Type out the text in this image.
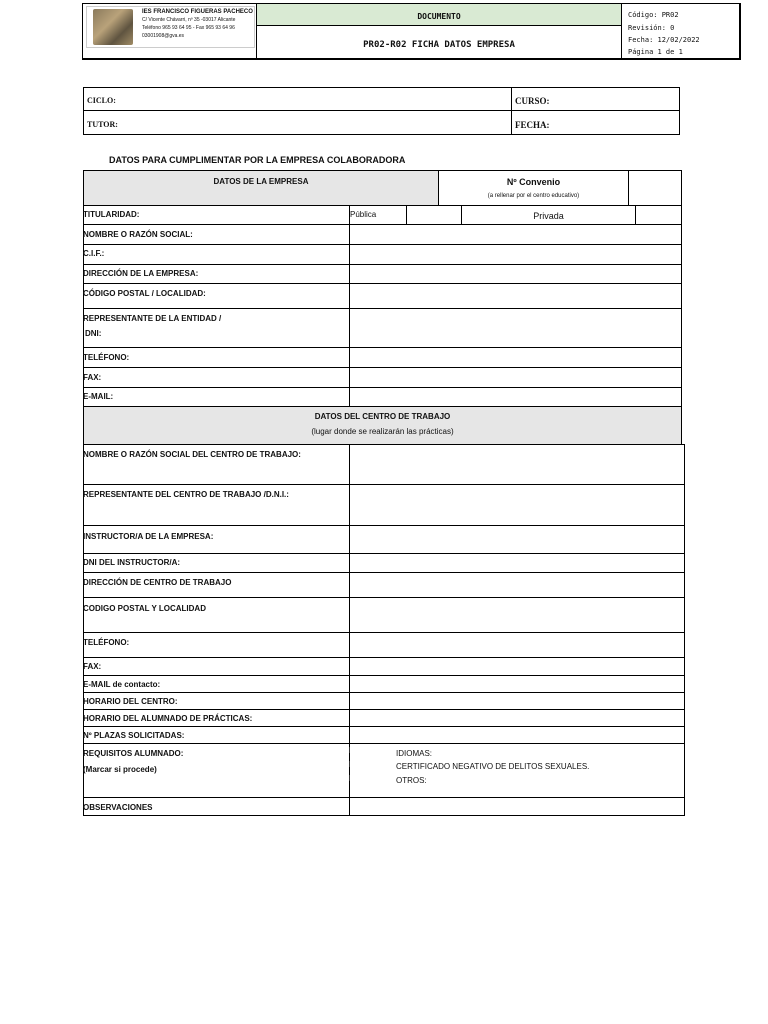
DOCUMENTO
PR02-R02 FICHA DATOS EMPRESA
IES FRANCISCO FIGUERAS PACHECO
C/ Vicente Chávarri, nº 35 -03017 Alicante
Teléfono 965 93 64 95 - Fax 965 93 64 96
03001908@gva.es
Código: PR02
Revisión: 0
Fecha: 12/02/2022
Página 1 de 1
CICLO:	CURSO:
TUTOR:	FECHA:
DATOS PARA CUMPLIMENTAR POR LA EMPRESA COLABORADORA
DATOS DE LA EMPRESA	Nº Convenio
(a rellenar por el centro educativo)
TITULARIDAD:	Pública	Privada
NOMBRE O RAZÓN SOCIAL:
C.I.F.:
DIRECCIÓN DE LA EMPRESA:
CÓDIGO POSTAL / LOCALIDAD:
REPRESENTANTE DE LA ENTIDAD /
DNI:
TELÉFONO:
FAX:
E-MAIL:
DATOS DEL CENTRO DE TRABAJO
(lugar donde se realizarán las prácticas)
NOMBRE O RAZÓN SOCIAL DEL CENTRO DE TRABAJO:
REPRESENTANTE DEL CENTRO DE TRABAJO /D.N.I.:
INSTRUCTOR/A DE LA EMPRESA:
DNI DEL INSTRUCTOR/A:
DIRECCIÓN DE CENTRO DE TRABAJO
CODIGO POSTAL Y LOCALIDAD
TELÉFONO:
FAX:
E-MAIL de contacto:
HORARIO DEL CENTRO:
HORARIO DEL ALUMNADO DE PRÁCTICAS:
Nº PLAZAS SOLICITADAS:
REQUISITOS ALUMNADO:
(Marcar si procede)
IDIOMAS:
CERTIFICADO NEGATIVO DE DELITOS SEXUALES.
OTROS:
OBSERVACIONES
